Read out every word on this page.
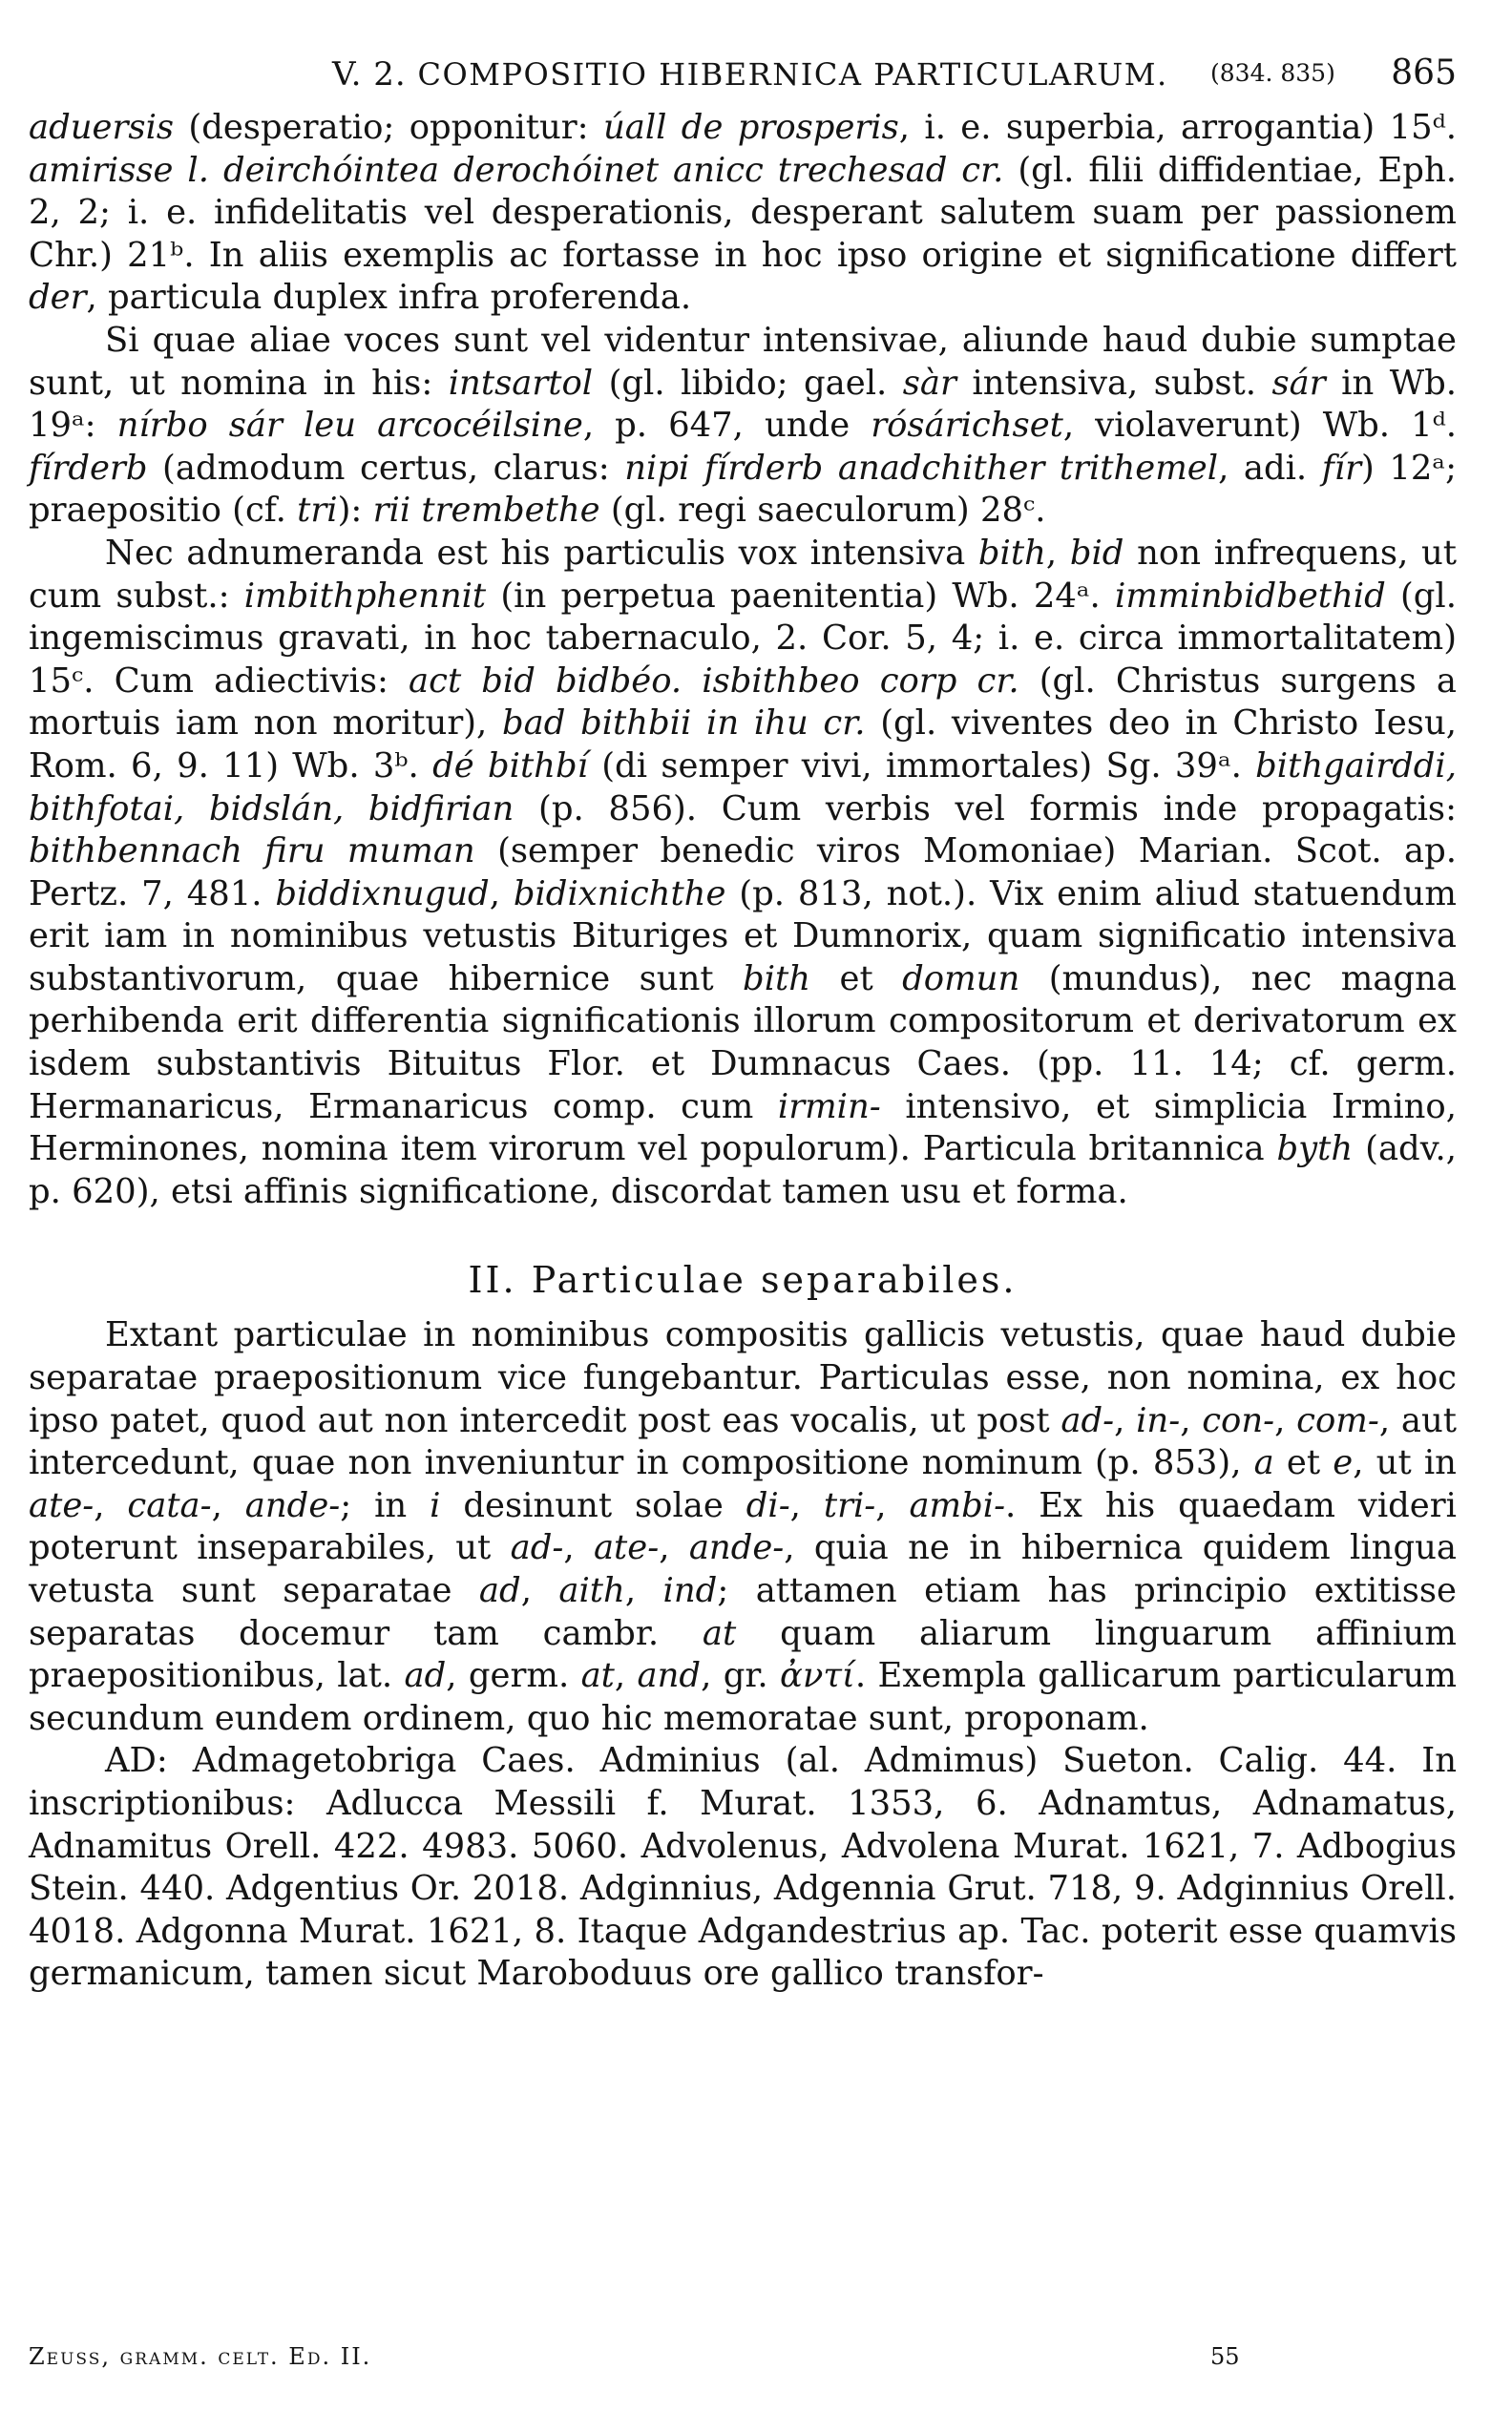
V. 2. COMPOSITIO HIBERNICA PARTICULARUM. (834. 835) 865

aduersis (desperatio; opponitur: úall de prosperis, i. e. superbia, arrogantia) 15ᵈ. amirisse l. deirchóintea derochóinet anicc trechesad cr. (gl. filii diffidentiae, Eph. 2, 2; i. e. infidelitatis vel desperationis, desperant salutem suam per passionem Chr.) 21ᵇ. In aliis exemplis ac fortasse in hoc ipso origine et significatione differt der, particula duplex infra proferenda.

Si quae aliae voces sunt vel videntur intensivae, aliunde haud dubie sumptae sunt, ut nomina in his: intsartol (gl. libido; gael. sàr intensiva, subst. sár in Wb. 19ᵃ: nírbo sár leu arcocéilsine, p. 647, unde rósárichset, violaverunt) Wb. 1ᵈ. fírderb (admodum certus, clarus: nipi fírderb anadchither trithemel, adi. fír) 12ᵃ; praepositio (cf. tri): rii trembethe (gl. regi saeculorum) 28ᶜ.

Nec adnumeranda est his particulis vox intensiva bith, bid non infrequens, ut cum subst.: imbithphennit (in perpetua paenitentia) Wb. 24ᵃ. imminbidbethid (gl. ingemiscimus gravati, in hoc tabernaculo, 2. Cor. 5, 4; i. e. circa immortalitatem) 15ᶜ. Cum adiectivis: act bid bidbéo. isbithbeo corp cr. (gl. Christus surgens a mortuis iam non moritur), bad bithbii in ihu cr. (gl. viventes deo in Christo Iesu, Rom. 6, 9. 11) Wb. 3ᵇ. dé bithbí (di semper vivi, immortales) Sg. 39ᵃ. bithgairddi, bithfotai, bidslán, bidfirian (p. 856). Cum verbis vel formis inde propagatis: bithbennach firu muman (semper benedic viros Momoniae) Marian. Scot. ap. Pertz. 7, 481. biddixnugud, bidixnichthe (p. 813, not.). Vix enim aliud statuendum erit iam in nominibus vetustis Bituriges et Dumnorix, quam significatio intensiva substantivorum, quae hibernice sunt bith et domun (mundus), nec magna perhibenda erit differentia significationis illorum compositorum et derivatorum ex isdem substantivis Bituitus Flor. et Dumnacus Caes. (pp. 11. 14; cf. germ. Hermanaricus, Ermanaricus comp. cum irmin- intensivo, et simplicia Irmino, Herminones, nomina item virorum vel populorum). Particula britannica byth (adv., p. 620), etsi affinis significatione, discordat tamen usu et forma.

II. Particulae separabiles.

Extant particulae in nominibus compositis gallicis vetustis, quae haud dubie separatae praepositionum vice fungebantur. Particulas esse, non nomina, ex hoc ipso patet, quod aut non intercedit post eas vocalis, ut post ad-, in-, con-, com-, aut intercedunt, quae non inveniuntur in compositione nominum (p. 853), a et e, ut in ate-, cata-, ande-; in i desinunt solae di-, tri-, ambi-. Ex his quaedam videri poterunt inseparabiles, ut ad-, ate-, ande-, quia ne in hibernica quidem lingua vetusta sunt separatae ad, aith, ind; attamen etiam has principio extitisse separatas docemur tam cambr. at quam aliarum linguarum affinium praepositionibus, lat. ad, germ. at, and, gr. ἀντί. Exempla gallicarum particularum secundum eundem ordinem, quo hic memoratae sunt, proponam.

AD: Admagetobriga Caes. Adminius (al. Admimus) Sueton. Calig. 44. In inscriptionibus: Adlucca Messili f. Murat. 1353, 6. Adnamtus, Adnamatus, Adnamitus Orell. 422. 4983. 5060. Advolenus, Advolena Murat. 1621, 7. Adbogius Stein. 440. Adgentius Or. 2018. Adginnius, Adgennia Grut. 718, 9. Adginnius Orell. 4018. Adgonna Murat. 1621, 8. Itaque Adgandestrius ap. Tac. poterit esse quamvis germanicum, tamen sicut Maroboduus ore gallico transfor-

Zeuss, gramm. celt. Ed. II.	55
